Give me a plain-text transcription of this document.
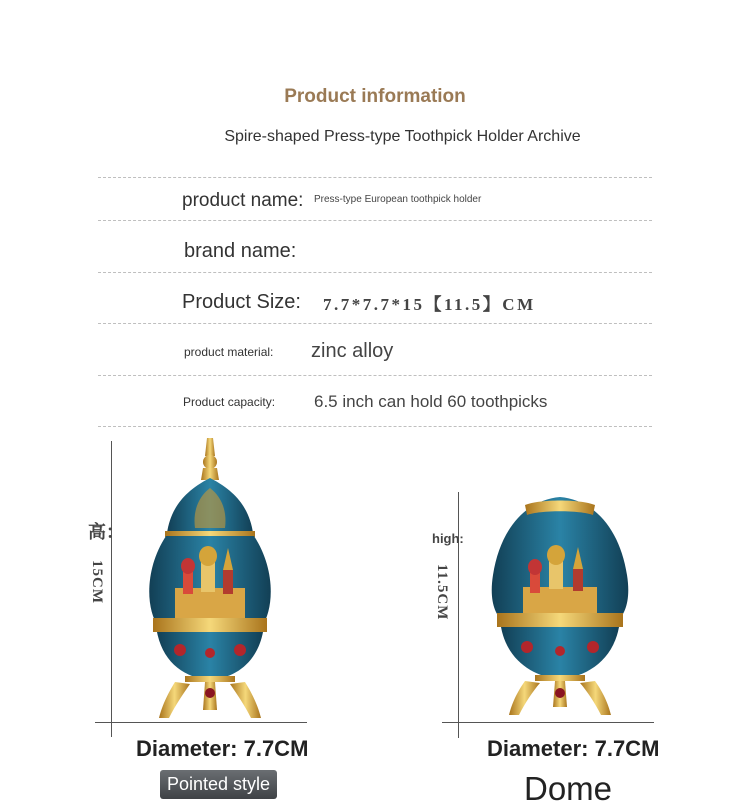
Product information
Spire-shaped Press-type Toothpick Holder Archive
product name: Press-type European toothpick holder
brand name:
Product Size: 7.7*7.7*15【11.5】CM
product material: zinc alloy
Product capacity: 6.5 inch can hold 60 toothpicks
高：
15CM
Diameter: 7.7CM
Pointed style
high:
11.5CM
Diameter: 7.7CM
Dome
